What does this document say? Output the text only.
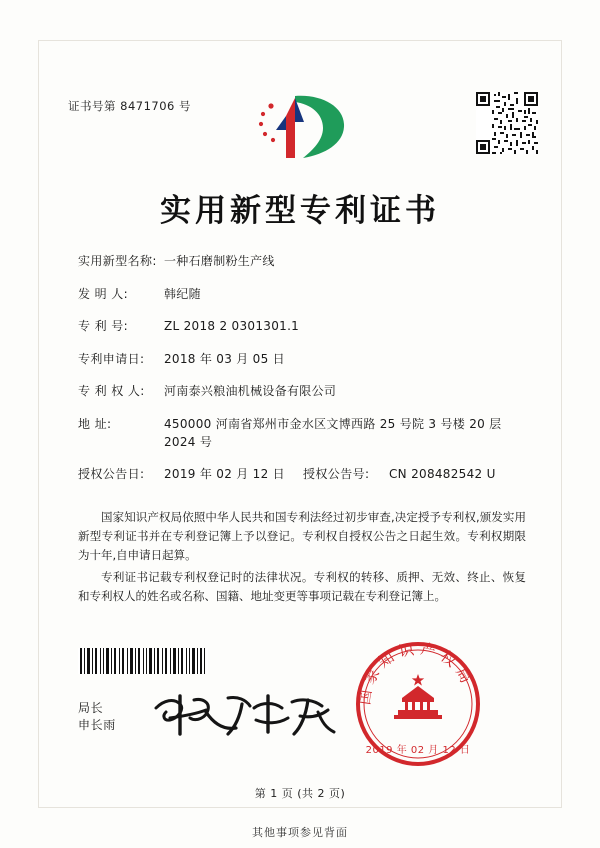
证书号第 8471706 号
实用新型专利证书
实用新型名称: 一种石磨制粉生产线
发 明 人:	韩纪随
专 利 号:	ZL 2018 2 0301301.1
专利申请日:	2018 年 03 月 05 日
专 利 权 人:	河南泰兴粮油机械设备有限公司
地 址:	450000 河南省郑州市金水区文博西路 25 号院 3 号楼 20 层 2024 号
授权公告日:	2019 年 02 月 12 日	授权公告号:	CN 208482542 U

国家知识产权局依照中华人民共和国专利法经过初步审查,决定授予专利权,颁发实用新型专利证书并在专利登记簿上予以登记。专利权自授权公告之日起生效。专利权期限为十年,自申请日起算。

专利证书记载专利权登记时的法律状况。专利权的转移、质押、无效、终止、恢复和专利权人的姓名或名称、国籍、地址变更等事项记载在专利登记簿上。

局长
申长雨
国家知识产权局
2019 年 02 月 12 日
第 1 页 (共 2 页)
其他事项参见背面
